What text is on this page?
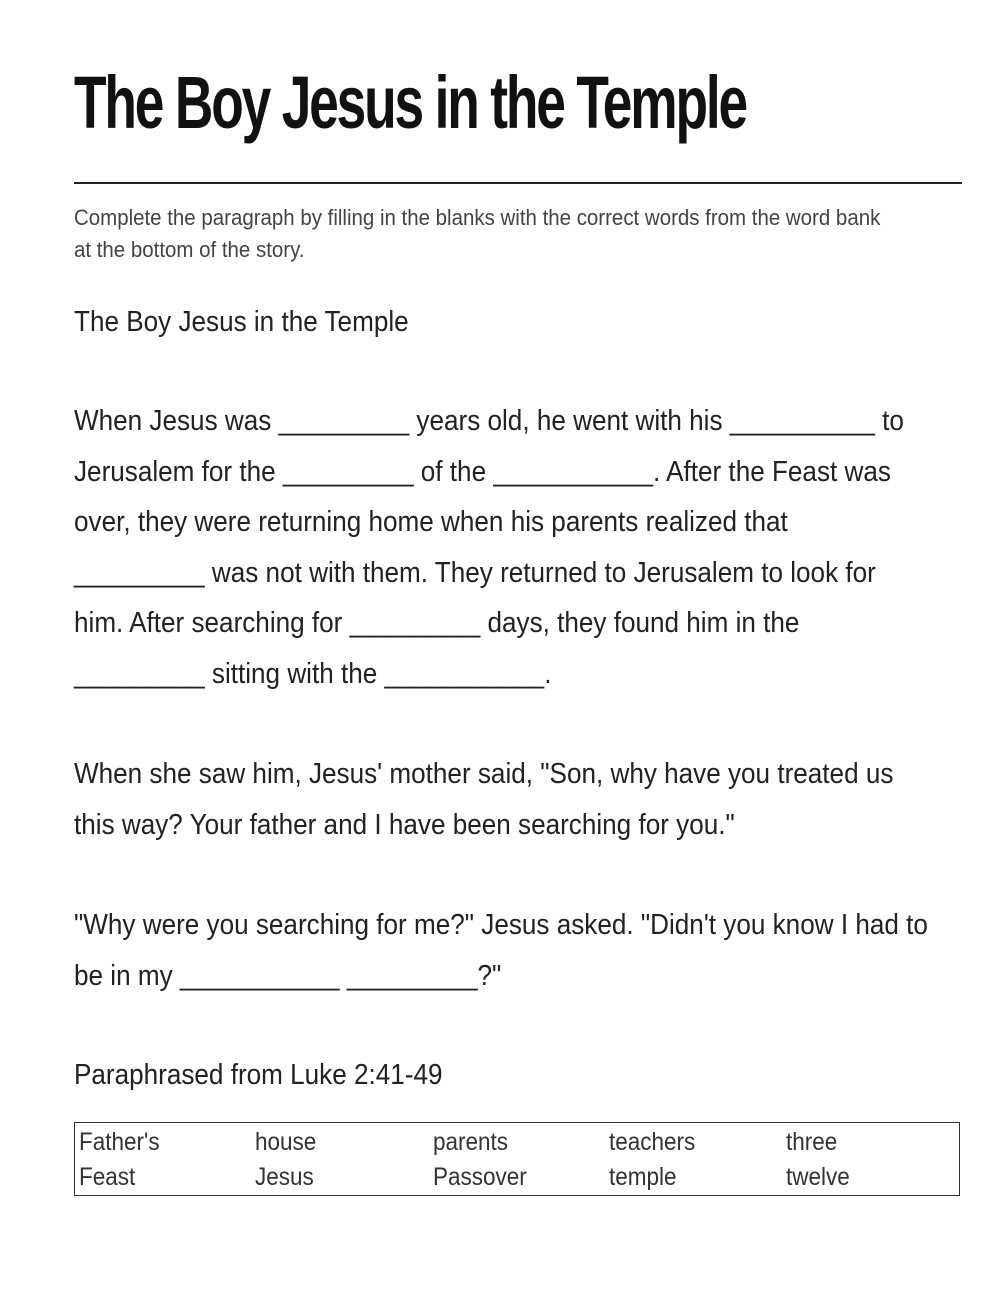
The Boy Jesus in the Temple

Complete the paragraph by filling in the blanks with the correct words from the word bank at the bottom of the story.

The Boy Jesus in the Temple

When Jesus was _________ years old, he went with his __________ to
Jerusalem for the _________ of the ___________. After the Feast was
over, they were returning home when his parents realized that
_________ was not with them. They returned to Jerusalem to look for
him. After searching for _________ days, they found him in the
_________ sitting with the ___________.

When she saw him, Jesus' mother said, "Son, why have you treated us
this way? Your father and I have been searching for you."

"Why were you searching for me?" Jesus asked. "Didn't you know I had to
be in my ___________ _________?"

Paraphrased from Luke 2:41-49

Father's	house	parents	teachers	three
Feast	Jesus	Passover	temple	twelve
